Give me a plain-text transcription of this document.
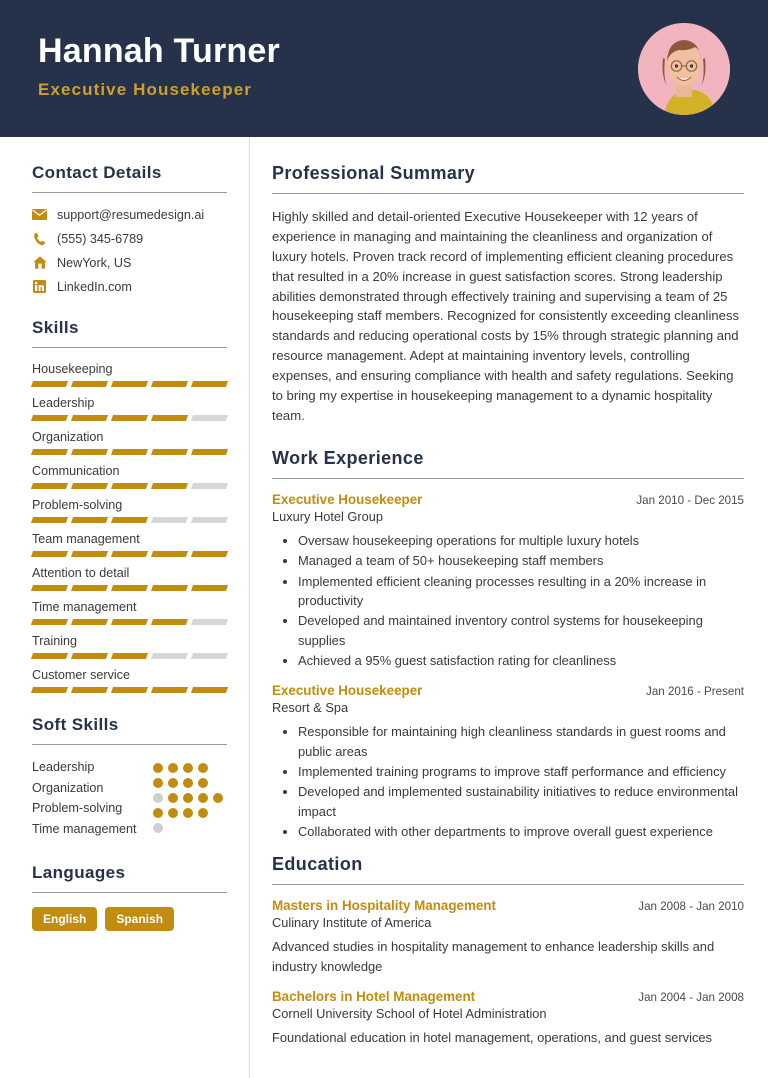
Hannah Turner
Executive Housekeeper
Contact Details
support@resumedesign.ai
(555) 345-6789
NewYork, US
LinkedIn.com
Skills
Housekeeping
Leadership
Organization
Communication
Problem-solving
Team management
Attention to detail
Time management
Training
Customer service
Soft Skills
Leadership
Organization
Problem-solving
Time management
Languages
English	Spanish
Professional Summary
Highly skilled and detail-oriented Executive Housekeeper with 12 years of experience in managing and maintaining the cleanliness and organization of luxury hotels. Proven track record of implementing efficient cleaning procedures that resulted in a 20% increase in guest satisfaction scores. Strong leadership abilities demonstrated through effectively training and supervising a team of 25 housekeeping staff members. Recognized for consistently exceeding cleanliness standards and reducing operational costs by 15% through strategic planning and resource management. Adept at maintaining inventory levels, controlling expenses, and ensuring compliance with health and safety regulations. Seeking to bring my expertise in housekeeping management to a dynamic hospitality team.
Work Experience
Executive Housekeeper	Jan 2010 - Dec 2015
Luxury Hotel Group
• Oversaw housekeeping operations for multiple luxury hotels
• Managed a team of 50+ housekeeping staff members
• Implemented efficient cleaning processes resulting in a 20% increase in productivity
• Developed and maintained inventory control systems for housekeeping supplies
• Achieved a 95% guest satisfaction rating for cleanliness
Executive Housekeeper	Jan 2016 - Present
Resort & Spa
• Responsible for maintaining high cleanliness standards in guest rooms and public areas
• Implemented training programs to improve staff performance and efficiency
• Developed and implemented sustainability initiatives to reduce environmental impact
• Collaborated with other departments to improve overall guest experience
Education
Masters in Hospitality Management	Jan 2008 - Jan 2010
Culinary Institute of America
Advanced studies in hospitality management to enhance leadership skills and industry knowledge
Bachelors in Hotel Management	Jan 2004 - Jan 2008
Cornell University School of Hotel Administration
Foundational education in hotel management, operations, and guest services
